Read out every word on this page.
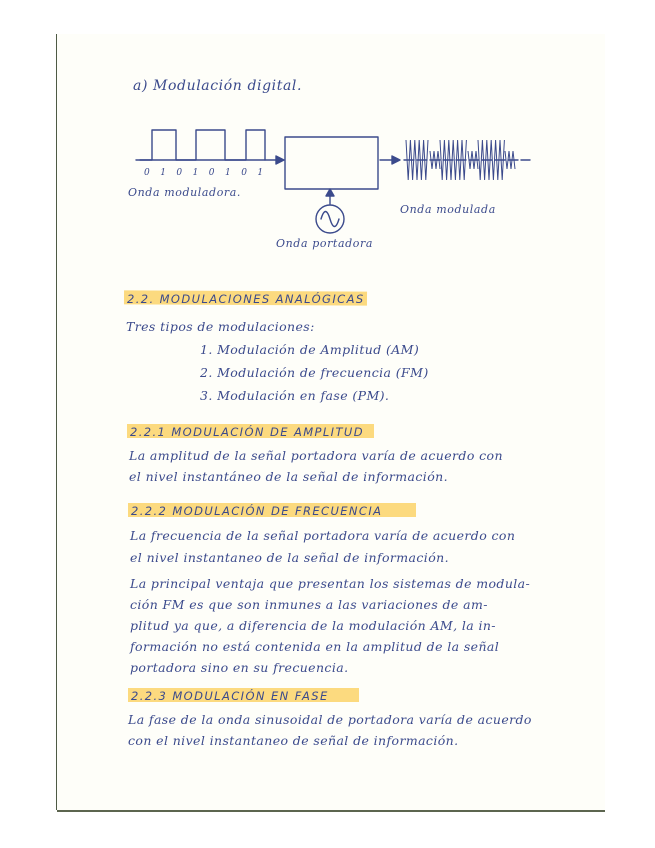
a) Modulación digital.
0 1 0 1 0 1 0 1
Onda moduladora.
Onda modulada
Onda portadora
2.2. MODULACIONES ANALÓGICAS
Tres tipos de modulaciones:
1. Modulación de Amplitud (AM)
2. Modulación de frecuencia (FM)
3. Modulación en fase (PM).
2.2.1 MODULACIÓN DE AMPLITUD
La amplitud de la señal portadora varía de acuerdo con
el nivel instantáneo de la señal de información.
2.2.2 MODULACIÓN DE FRECUENCIA
La frecuencia de la señal portadora varía de acuerdo con
el nivel instantaneo de la señal de información.
La principal ventaja que presentan los sistemas de modula-
ción FM es que son inmunes a las variaciones de am-
plitud ya que, a diferencia de la modulación AM, la in-
formación no está contenida en la amplitud de la señal
portadora sino en su frecuencia.
2.2.3 MODULACIÓN EN FASE
La fase de la onda sinusoidal de portadora varía de acuerdo
con el nivel instantaneo de señal de información.
